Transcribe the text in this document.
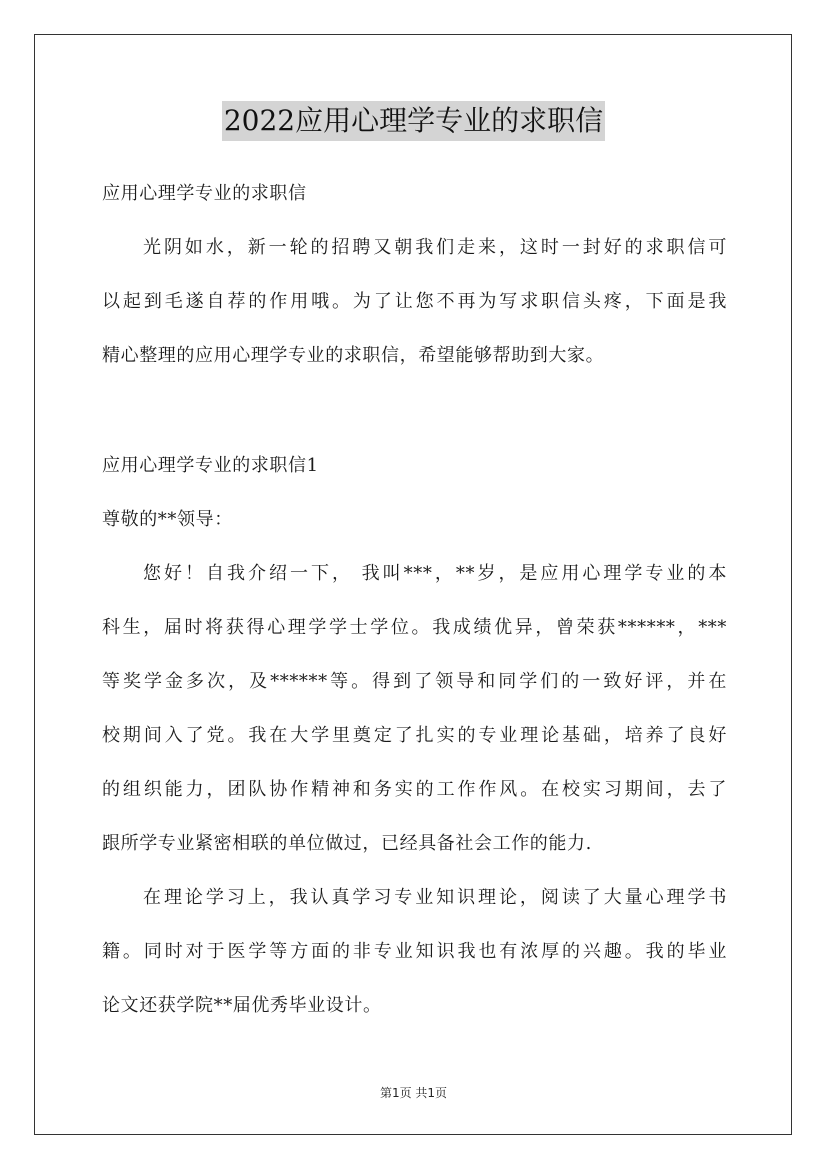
2022应用心理学专业的求职信

应用心理学专业的求职信

光阴如水，新一轮的招聘又朝我们走来，这时一封好的求职信可

以起到毛遂自荐的作用哦。为了让您不再为写求职信头疼，下面是我

精心整理的应用心理学专业的求职信，希望能够帮助到大家。

应用心理学专业的求职信1

尊敬的**领导：

您好！自我介绍一下， 我叫***，**岁，是应用心理学专业的本

科生，届时将获得心理学学士学位。我成绩优异，曾荣获******，***

等奖学金多次，及******等。得到了领导和同学们的一致好评，并在

校期间入了党。我在大学里奠定了扎实的专业理论基础，培养了良好

的组织能力，团队协作精神和务实的工作作风。在校实习期间，去了

跟所学专业紧密相联的单位做过，已经具备社会工作的能力.

在理论学习上，我认真学习专业知识理论，阅读了大量心理学书

籍。同时对于医学等方面的非专业知识我也有浓厚的兴趣。我的毕业

论文还获学院**届优秀毕业设计。

第1页 共1页
